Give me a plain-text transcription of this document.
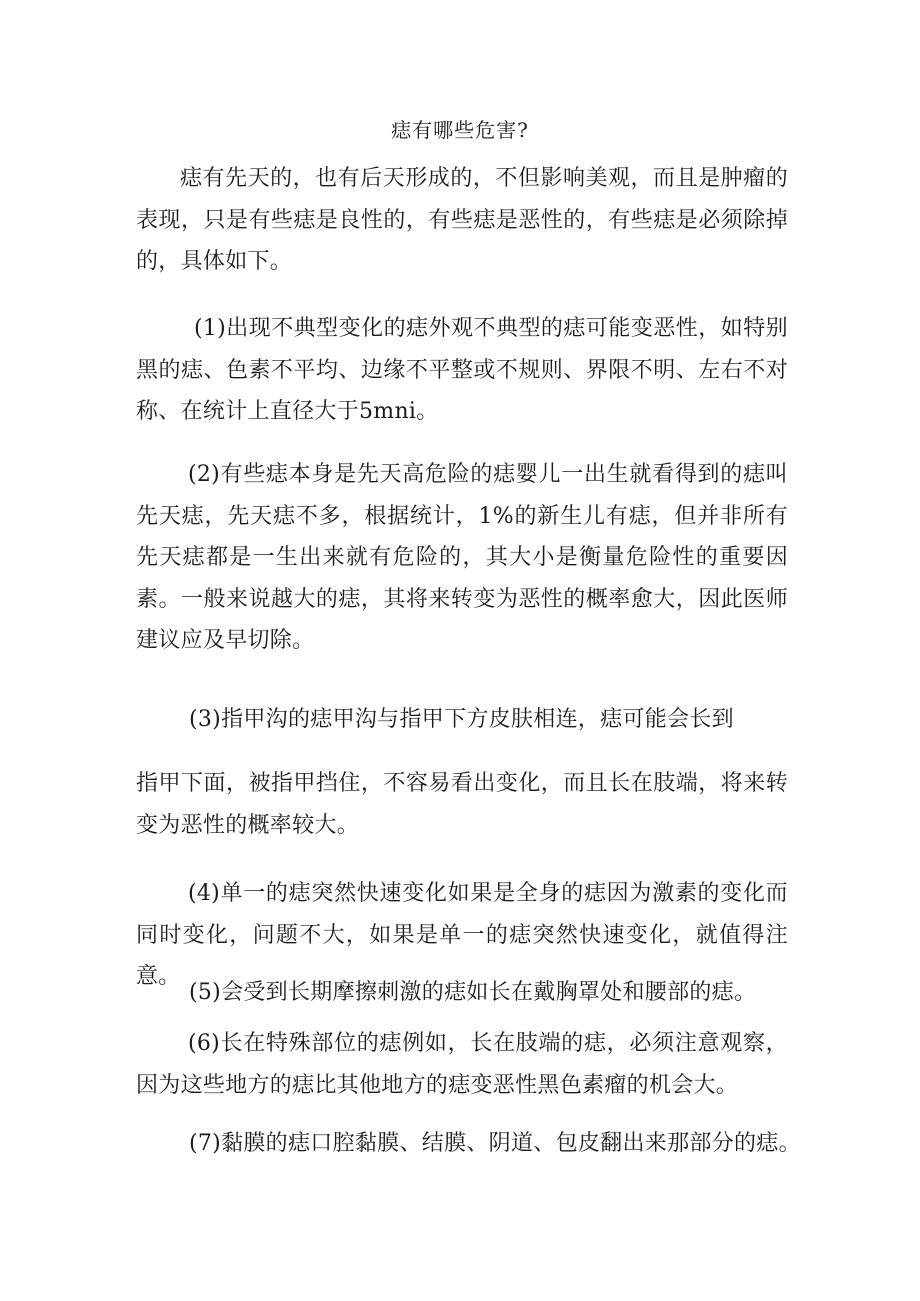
痣有哪些危害?

痣有先天的，也有后天形成的，不但影响美观，而且是肿瘤的表现，只是有些痣是良性的，有些痣是恶性的，有些痣是必须除掉的，具体如下。

(1)出现不典型变化的痣外观不典型的痣可能变恶性，如特别黑的痣、色素不平均、边缘不平整或不规则、界限不明、左右不对称、在统计上直径大于5mni。

(2)有些痣本身是先天高危险的痣婴儿一出生就看得到的痣叫先天痣，先天痣不多，根据统计，1%的新生儿有痣，但并非所有先天痣都是一生出来就有危险的，其大小是衡量危险性的重要因素。一般来说越大的痣，其将来转变为恶性的概率愈大，因此医师建议应及早切除。

(3)指甲沟的痣甲沟与指甲下方皮肤相连，痣可能会长到

指甲下面，被指甲挡住，不容易看出变化，而且长在肢端，将来转变为恶性的概率较大。

(4)单一的痣突然快速变化如果是全身的痣因为激素的变化而同时变化，问题不大，如果是单一的痣突然快速变化，就值得注意。

(5)会受到长期摩擦刺激的痣如长在戴胸罩处和腰部的痣。

(6)长在特殊部位的痣例如，长在肢端的痣，必须注意观察，因为这些地方的痣比其他地方的痣变恶性黑色素瘤的机会大。

(7)黏膜的痣口腔黏膜、结膜、阴道、包皮翻出来那部分的痣。
